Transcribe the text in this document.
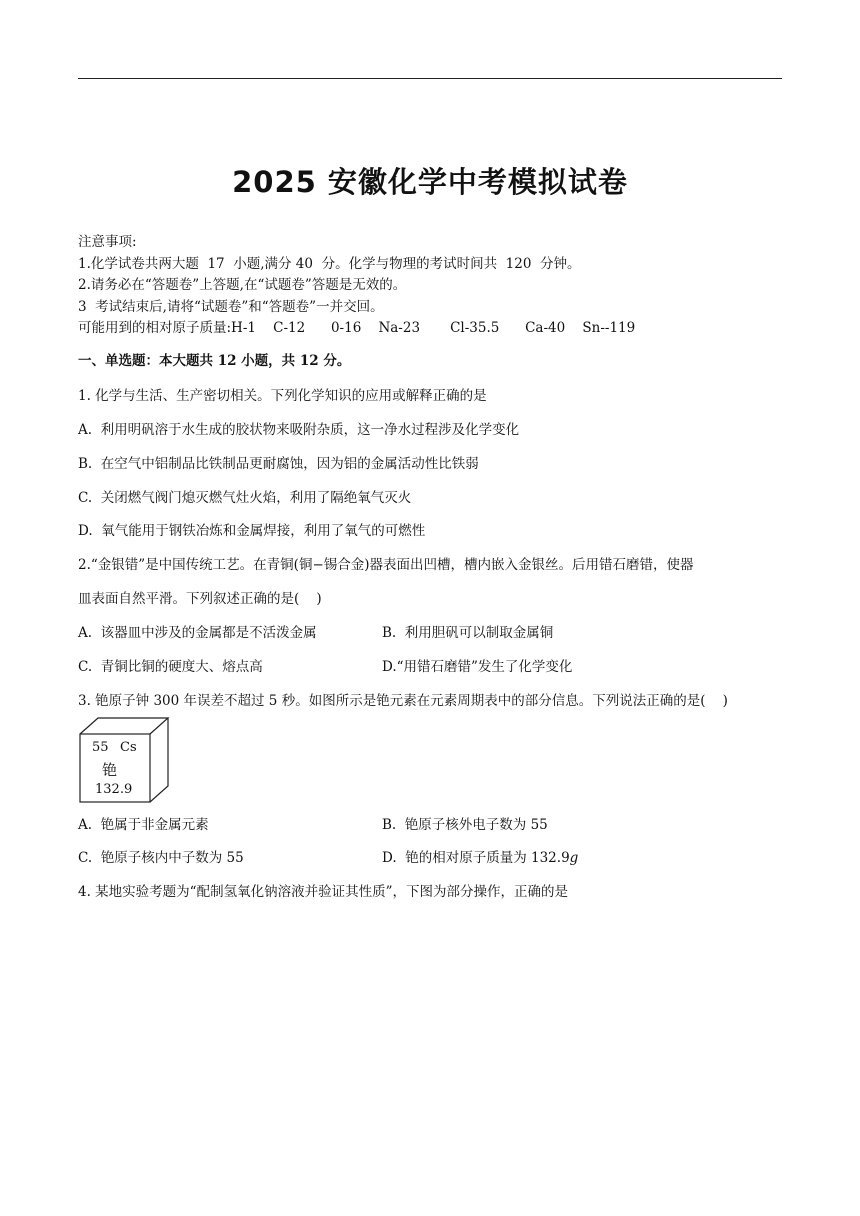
2025 安徽化学中考模拟试卷
注意事项:
1.化学试卷共两大题  17  小题,满分 40  分。化学与物理的考试时间共  120  分钟。
2.请务必在“答题卷”上答题,在“试题卷”答题是无效的。
3  考试结束后,请将“试题卷”和“答题卷”一并交回。
可能用到的相对原子质量:H-1    C-12      0-16    Na-23       Cl-35.5      Ca-40    Sn--119
一、单选题：本大题共 12 小题，共 12 分。
1. 化学与生活、生产密切相关。下列化学知识的应用或解释正确的是
A.  利用明矾溶于水生成的胶状物来吸附杂质，这一净水过程涉及化学变化
B.  在空气中铝制品比铁制品更耐腐蚀，因为铝的金属活动性比铁弱
C.  关闭燃气阀门熄灭燃气灶火焰，利用了隔绝氧气灭火
D.  氧气能用于钢铁冶炼和金属焊接，利用了氧气的可燃性
2.“金银错”是中国传统工艺。在青铜(铜−锡合金)器表面出凹槽，槽内嵌入金银丝。后用错石磨错，使器
皿表面自然平滑。下列叙述正确的是(    )
A.  该器皿中涉及的金属都是不活泼金属	B.  利用胆矾可以制取金属铜
C.  青铜比铜的硬度大、熔点高	D.“用错石磨错”发生了化学变化
3. 铯原子钟 300 年误差不超过 5 秒。如图所示是铯元素在元素周期表中的部分信息。下列说法正确的是(    )
55 Cs
铯
132.9
A.  铯属于非金属元素	B.  铯原子核外电子数为 55
C.  铯原子核内中子数为 55	D.  铯的相对原子质量为 132.9g
4. 某地实验考题为“配制氢氧化钠溶液并验证其性质”，下图为部分操作，正确的是
